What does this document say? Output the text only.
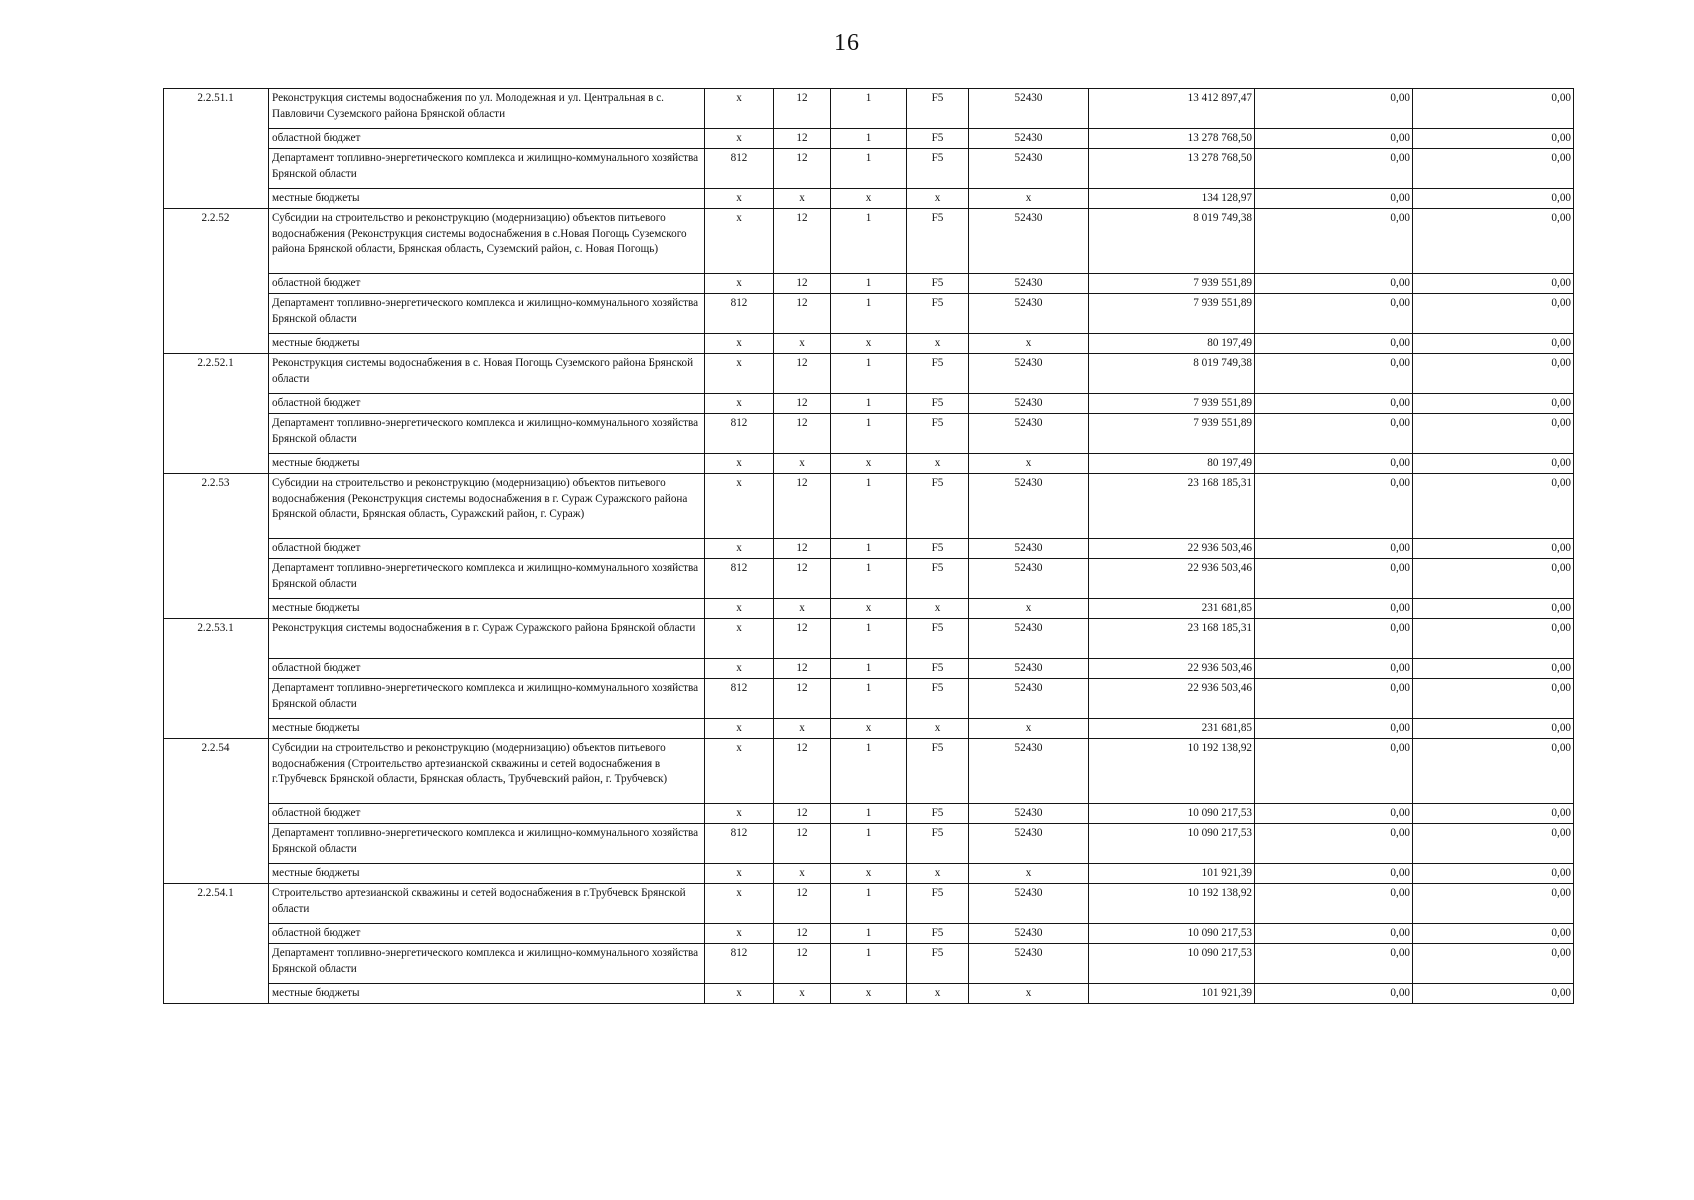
16
2.2.51.1	Реконструкция системы водоснабжения по ул. Молодежная и ул. Центральная в с. Павловичи Суземского района Брянской области	x	12	1	F5	52430	13 412 897,47	0,00	0,00
	областной бюджет	x	12	1	F5	52430	13 278 768,50	0,00	0,00
	Департамент топливно-энергетического комплекса и жилищно-коммунального хозяйства Брянской области	812	12	1	F5	52430	13 278 768,50	0,00	0,00
	местные бюджеты	x	x	x	x	x	134 128,97	0,00	0,00

2.2.52	Субсидии на строительство и реконструкцию (модернизацию) объектов питьевого водоснабжения (Реконструкция системы водоснабжения в с.Новая Погощь Суземского района Брянской области, Брянская область, Суземский район, с. Новая Погощь)	x	12	1	F5	52430	8 019 749,38	0,00	0,00
	областной бюджет	x	12	1	F5	52430	7 939 551,89	0,00	0,00
	Департамент топливно-энергетического комплекса и жилищно-коммунального хозяйства Брянской области	812	12	1	F5	52430	7 939 551,89	0,00	0,00
	местные бюджеты	x	x	x	x	x	80 197,49	0,00	0,00

2.2.52.1	Реконструкция системы водоснабжения в с. Новая Погощь Суземского района Брянской области	x	12	1	F5	52430	8 019 749,38	0,00	0,00
	областной бюджет	x	12	1	F5	52430	7 939 551,89	0,00	0,00
	Департамент топливно-энергетического комплекса и жилищно-коммунального хозяйства Брянской области	812	12	1	F5	52430	7 939 551,89	0,00	0,00
	местные бюджеты	x	x	x	x	x	80 197,49	0,00	0,00

2.2.53	Субсидии на строительство и реконструкцию (модернизацию) объектов питьевого водоснабжения (Реконструкция системы водоснабжения в г. Сураж Суражского района Брянской области, Брянская область, Суражский район, г. Сураж)	x	12	1	F5	52430	23 168 185,31	0,00	0,00
	областной бюджет	x	12	1	F5	52430	22 936 503,46	0,00	0,00
	Департамент топливно-энергетического комплекса и жилищно-коммунального хозяйства Брянской области	812	12	1	F5	52430	22 936 503,46	0,00	0,00
	местные бюджеты	x	x	x	x	x	231 681,85	0,00	0,00

2.2.53.1	Реконструкция системы водоснабжения в г. Сураж Суражского района Брянской области	x	12	1	F5	52430	23 168 185,31	0,00	0,00
	областной бюджет	x	12	1	F5	52430	22 936 503,46	0,00	0,00
	Департамент топливно-энергетического комплекса и жилищно-коммунального хозяйства Брянской области	812	12	1	F5	52430	22 936 503,46	0,00	0,00
	местные бюджеты	x	x	x	x	x	231 681,85	0,00	0,00

2.2.54	Субсидии на строительство и реконструкцию (модернизацию) объектов питьевого водоснабжения (Строительство артезианской скважины и сетей водоснабжения в г.Трубчевск Брянской области, Брянская область, Трубчевский район, г. Трубчевск)	x	12	1	F5	52430	10 192 138,92	0,00	0,00
	областной бюджет	x	12	1	F5	52430	10 090 217,53	0,00	0,00
	Департамент топливно-энергетического комплекса и жилищно-коммунального хозяйства Брянской области	812	12	1	F5	52430	10 090 217,53	0,00	0,00
	местные бюджеты	x	x	x	x	x	101 921,39	0,00	0,00

2.2.54.1	Строительство артезианской скважины и сетей водоснабжения в г.Трубчевск Брянской области	x	12	1	F5	52430	10 192 138,92	0,00	0,00
	областной бюджет	x	12	1	F5	52430	10 090 217,53	0,00	0,00
	Департамент топливно-энергетического комплекса и жилищно-коммунального хозяйства Брянской области	812	12	1	F5	52430	10 090 217,53	0,00	0,00
	местные бюджеты	x	x	x	x	x	101 921,39	0,00	0,00
